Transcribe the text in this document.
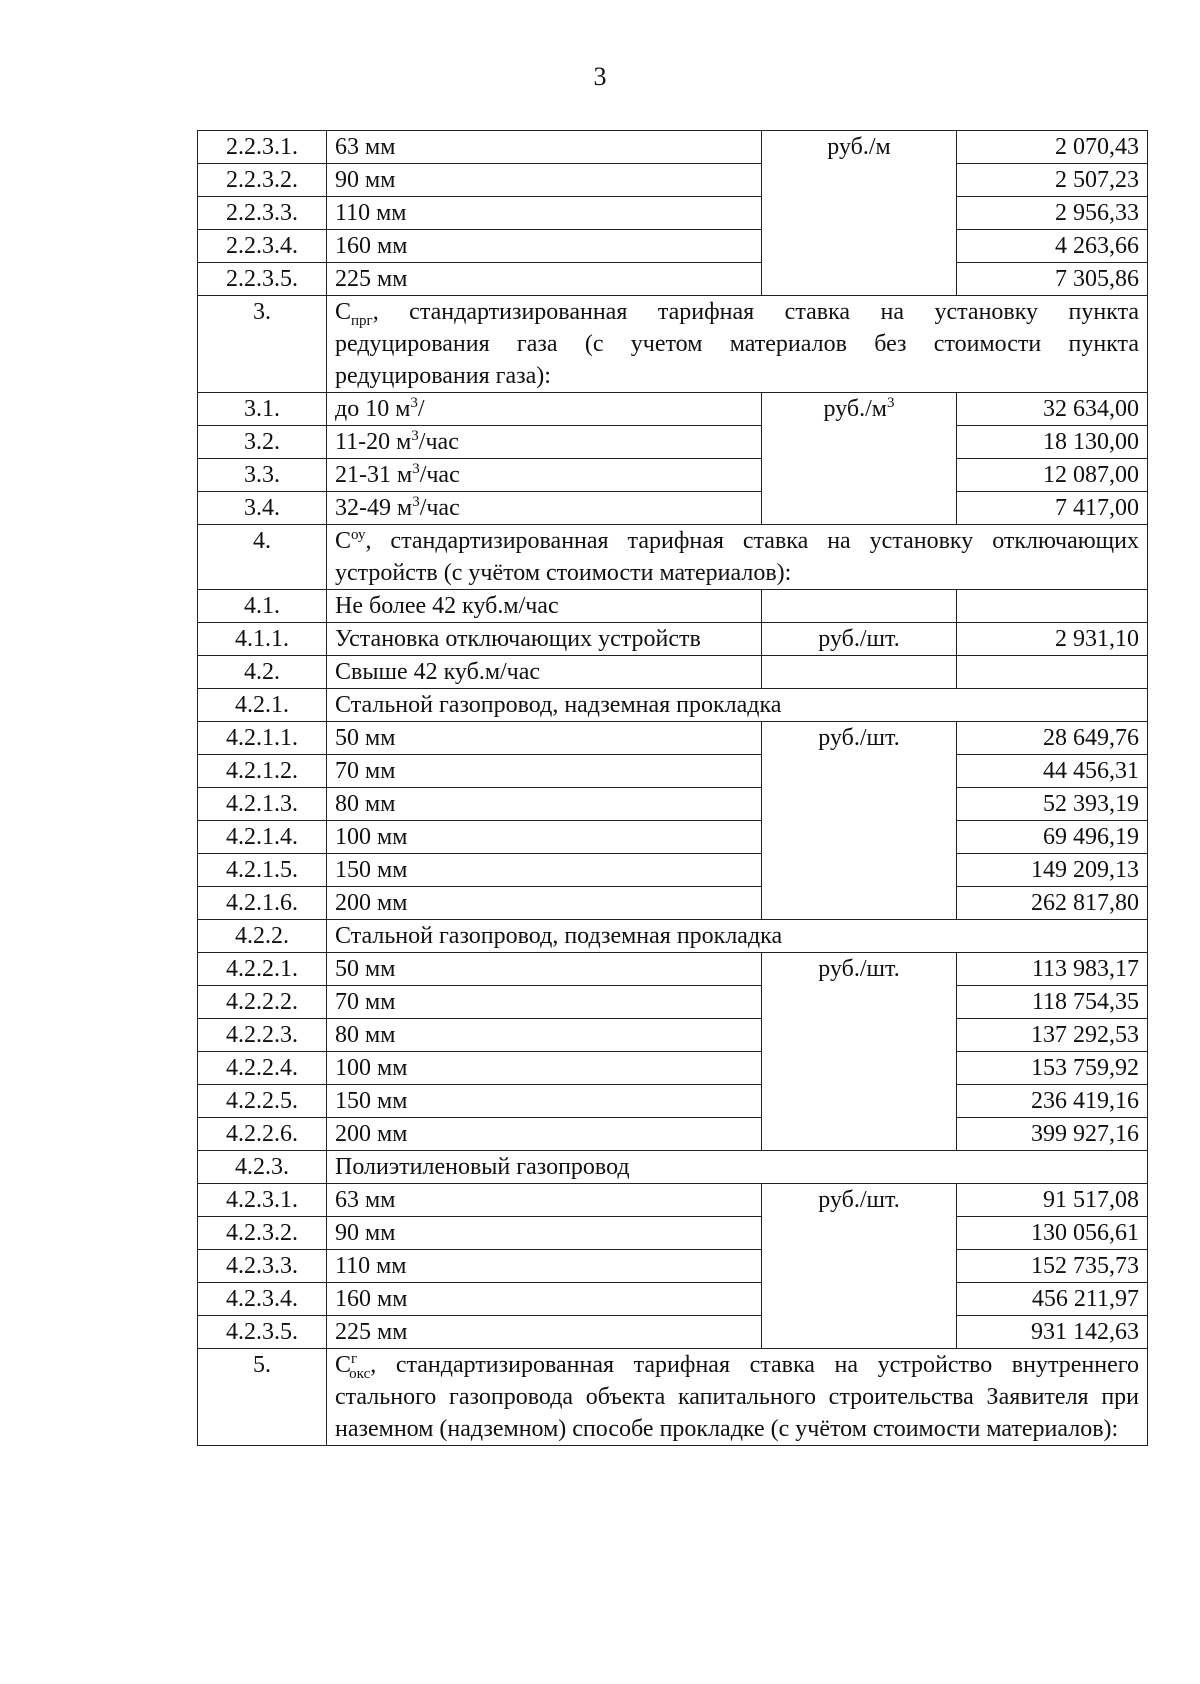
3
2.2.3.1.	63 мм	руб./м	2 070,43
2.2.3.2.	90 мм		2 507,23
2.2.3.3.	110 мм		2 956,33
2.2.3.4.	160 мм		4 263,66
2.2.3.5.	225 мм		7 305,86
3.	$С_{прг}$, стандартизированная тарифная ставка на установку пункта редуцирования газа (с учетом материалов без стоимости пункта редуцирования газа):		
3.1.	до 10 $м^3/$	$руб./м^3$	32 634,00
3.2.	11-20 $м^3$/час		18 130,00
3.3.	21-31 $м^3$/час		12 087,00
3.4.	32-49 $м^3$/час		7 417,00
4.	$С^{оу}$, стандартизированная тарифная ставка на установку отключающих устройств (с учётом стоимости материалов):		
4.1.	Не более 42 куб.м/час		
4.1.1.	Установка отключающих устройств	руб./шт.	2 931,10
4.2.	Свыше 42 куб.м/час		
4.2.1.	Стальной газопровод, надземная прокладка		
4.2.1.1.	50 мм	руб./шт.	28 649,76
4.2.1.2.	70 мм		44 456,31
4.2.1.3.	80 мм		52 393,19
4.2.1.4.	100 мм		69 496,19
4.2.1.5.	150 мм		149 209,13
4.2.1.6.	200 мм		262 817,80
4.2.2.	Стальной газопровод, подземная прокладка		
4.2.2.1.	50 мм	руб./шт.	113 983,17
4.2.2.2.	70 мм		118 754,35
4.2.2.3.	80 мм		137 292,53
4.2.2.4.	100 мм		153 759,92
4.2.2.5.	150 мм		236 419,16
4.2.2.6.	200 мм		399 927,16
4.2.3.	Полиэтиленовый газопровод		
4.2.3.1.	63 мм	руб./шт.	91 517,08
4.2.3.2.	90 мм		130 056,61
4.2.3.3.	110 мм		152 735,73
4.2.3.4.	160 мм		456 211,97
4.2.3.5.	225 мм		931 142,63
5.	$С^г_{окс}$, стандартизированная тарифная ставка на устройство внутреннего стального газопровода объекта капитального строительства Заявителя при наземном (надземном) способе прокладке (с учётом стоимости материалов):		
